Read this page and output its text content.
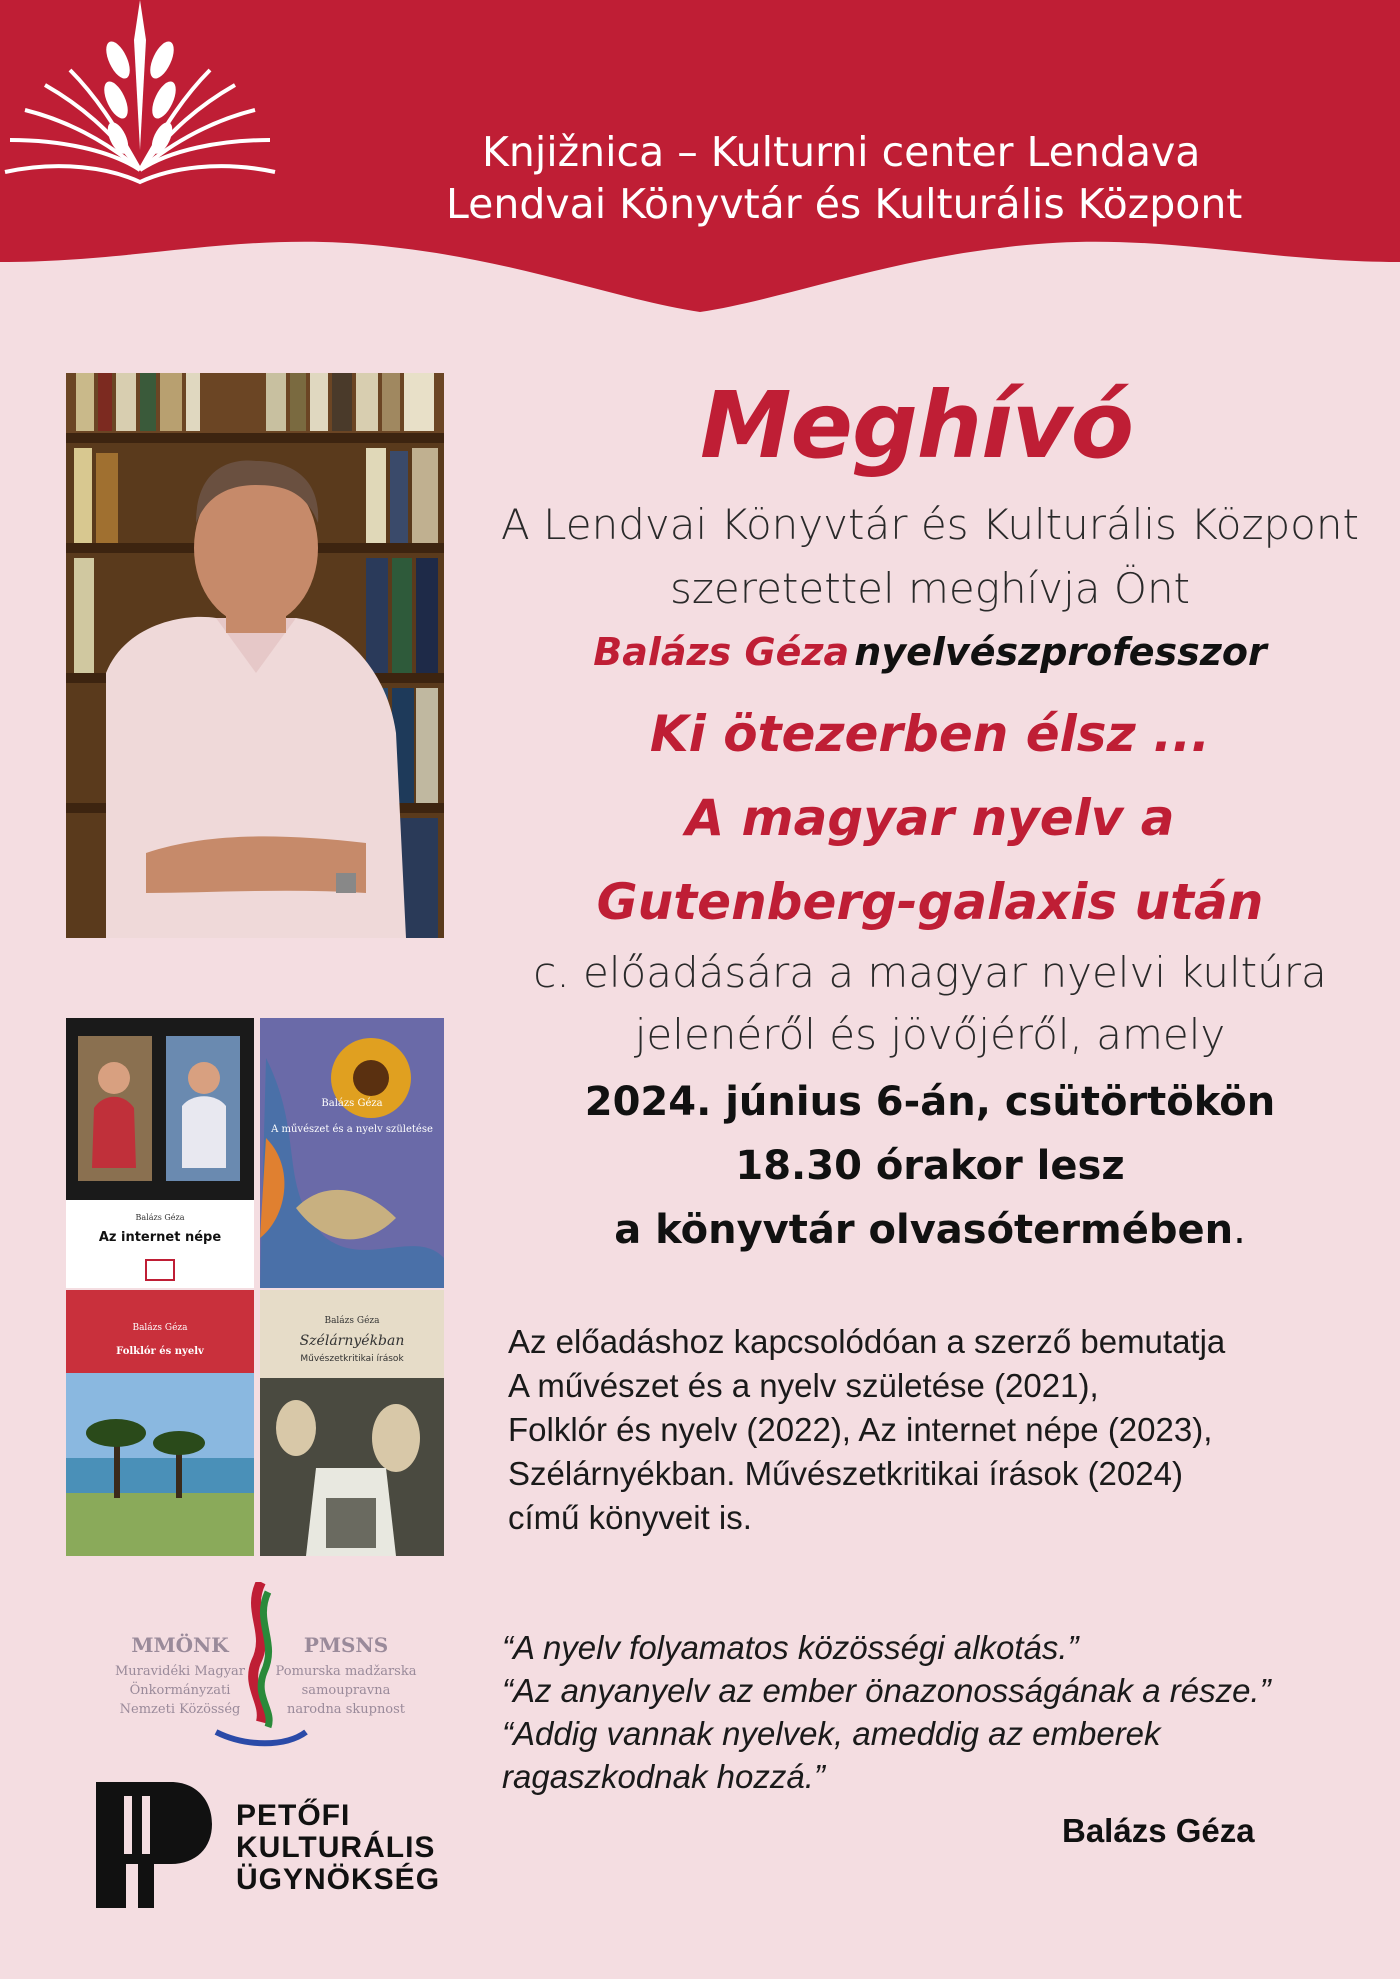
Knjižnica – Kulturni center Lendava
Lendvai Könyvtár és Kulturális Központ
Balázs Géza
Az internet népe
Balázs Géza
A művészet és a nyelv születése
Balázs Géza
Folklór és nyelv
Balázs Géza
Szélárnyékban
Művészetkritikai írások
Meghívó
A Lendvai Könyvtár és Kulturális Központ
szeretettel meghívja Önt
Balázs Géza nyelvészprofesszor
Ki ötezerben élsz ...
A magyar nyelv a
Gutenberg-galaxis után
c. előadására a magyar nyelvi kultúra
jelenéről és jövőjéről, amely
2024. június 6-án, csütörtökön
18.30 órakor lesz
a könyvtár olvasótermében.
Az előadáshoz kapcsolódóan a szerző bemutatja
A művészet és a nyelv születése (2021),
Folklór és nyelv (2022), Az internet népe (2023),
Szélárnyékban. Művészetkritikai írások (2024)
című könyveit is.
“A nyelv folyamatos közösségi alkotás.”
“Az anyanyelv az ember önazonosságának a része.”
“Addig vannak nyelvek, ameddig az emberek
ragaszkodnak hozzá.”
Balázs Géza
MMÖNK
Muravidéki Magyar
Önkormányzati
Nemzeti Közösség
PMSNS
Pomurska madžarska
samoupravna
narodna skupnost
PETŐFI
KULTURÁLIS
ÜGYNÖKSÉG
